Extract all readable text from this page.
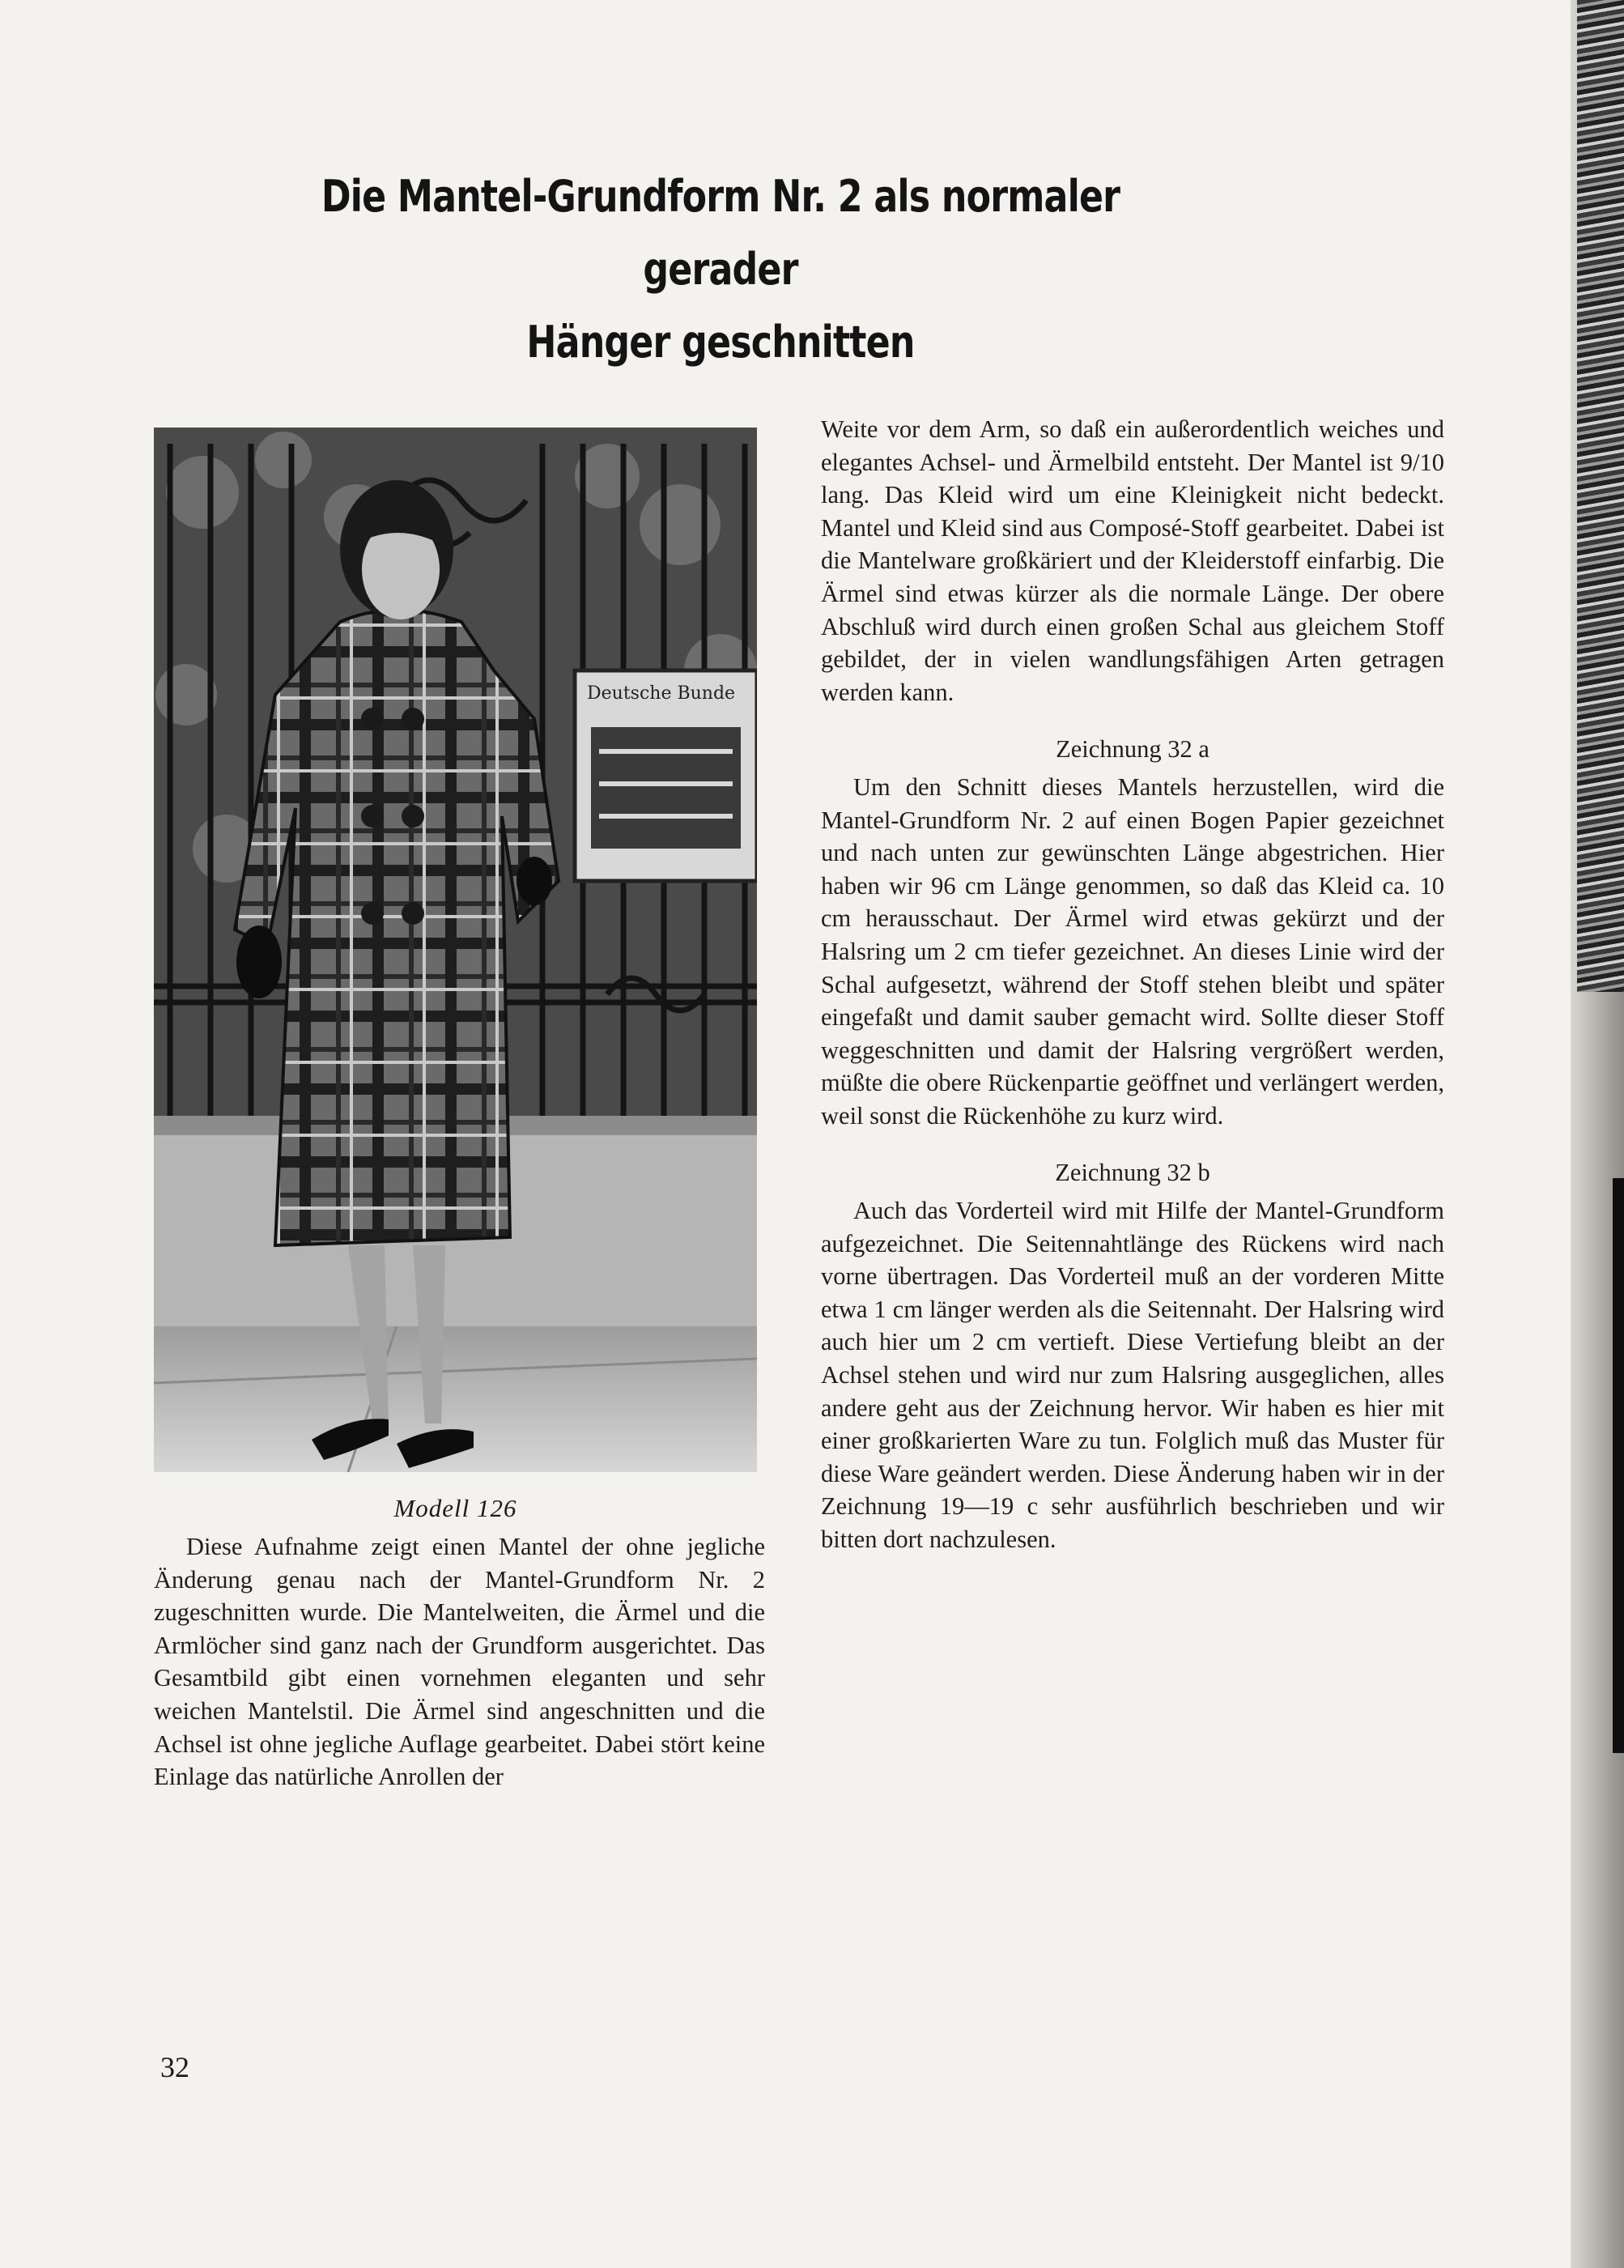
Die Mantel-Grundform Nr. 2 als normaler gerader
Hänger geschnitten
Deutsche Bunde
Modell 126

Diese Aufnahme zeigt einen Mantel der ohne jegliche Änderung genau nach der Mantel-Grundform Nr. 2 zugeschnitten wurde. Die Mantelweiten, die Ärmel und die Armlöcher sind ganz nach der Grundform ausgerichtet. Das Gesamtbild gibt einen vornehmen eleganten und sehr weichen Mantelstil. Die Ärmel sind angeschnitten und die Achsel ist ohne jegliche Auflage gearbeitet. Dabei stört keine Einlage das natürliche Anrollen der

Weite vor dem Arm, so daß ein außerordentlich weiches und elegantes Achsel- und Ärmelbild entsteht. Der Mantel ist 9/10 lang. Das Kleid wird um eine Kleinigkeit nicht bedeckt. Mantel und Kleid sind aus Composé-Stoff gearbeitet. Dabei ist die Mantelware großkäriert und der Kleiderstoff einfarbig. Die Ärmel sind etwas kürzer als die normale Länge. Der obere Abschluß wird durch einen großen Schal aus gleichem Stoff gebildet, der in vielen wandlungsfähigen Arten getragen werden kann.

Zeichnung 32 a

Um den Schnitt dieses Mantels herzustellen, wird die Mantel-Grundform Nr. 2 auf einen Bogen Papier gezeichnet und nach unten zur gewünschten Länge abgestrichen. Hier haben wir 96 cm Länge genommen, so daß das Kleid ca. 10 cm herausschaut. Der Ärmel wird etwas gekürzt und der Halsring um 2 cm tiefer gezeichnet. An dieses Linie wird der Schal aufgesetzt, während der Stoff stehen bleibt und später eingefaßt und damit sauber gemacht wird. Sollte dieser Stoff weggeschnitten und damit der Halsring vergrößert werden, müßte die obere Rückenpartie geöffnet und verlängert werden, weil sonst die Rückenhöhe zu kurz wird.

Zeichnung 32 b

Auch das Vorderteil wird mit Hilfe der Mantel-Grundform aufgezeichnet. Die Seitennahtlänge des Rückens wird nach vorne übertragen. Das Vorderteil muß an der vorderen Mitte etwa 1 cm länger werden als die Seitennaht. Der Halsring wird auch hier um 2 cm vertieft. Diese Vertiefung bleibt an der Achsel stehen und wird nur zum Halsring ausgeglichen, alles andere geht aus der Zeichnung hervor. Wir haben es hier mit einer großkarierten Ware zu tun. Folglich muß das Muster für diese Ware geändert werden. Diese Änderung haben wir in der Zeichnung 19—19 c sehr ausführlich beschrieben und wir bitten dort nachzulesen.

32
